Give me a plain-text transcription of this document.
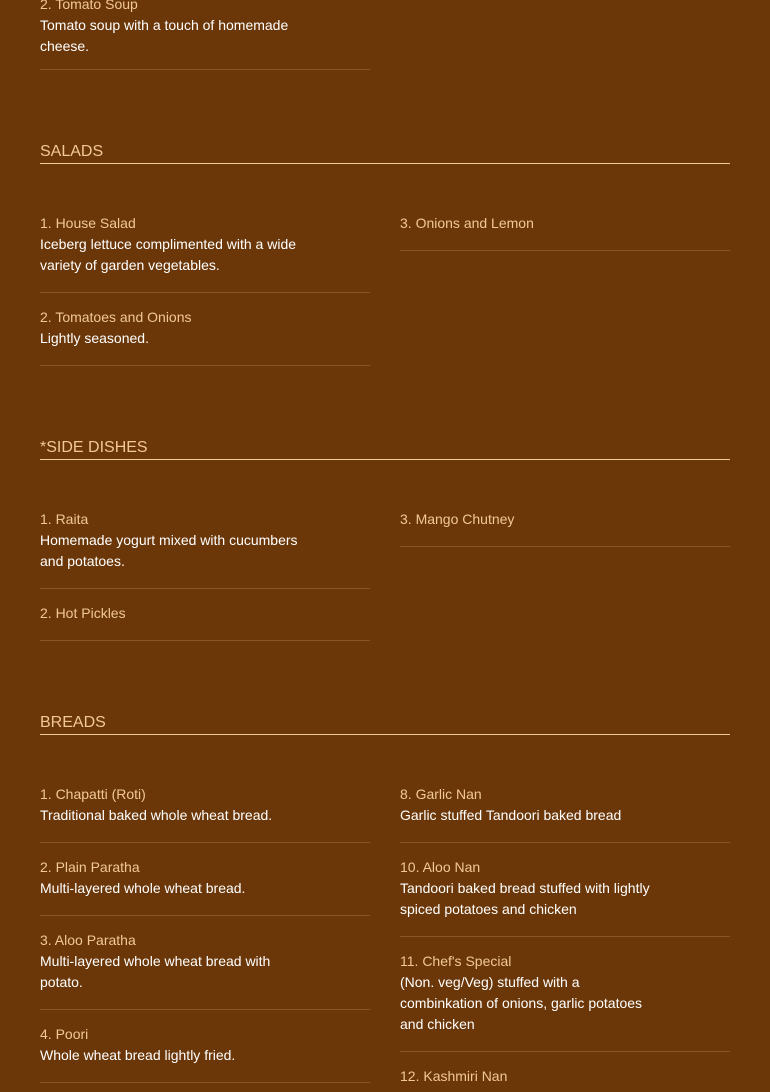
2. Tomato Soup
Tomato soup with a touch of homemade cheese.
SALADS
1. House Salad
Iceberg lettuce complimented with a wide variety of garden vegetables.
2. Tomatoes and Onions
Lightly seasoned.
3. Onions and Lemon
*SIDE DISHES
1. Raita
Homemade yogurt mixed with cucumbers and potatoes.
2. Hot Pickles
3. Mango Chutney
BREADS
1. Chapatti (Roti)
Traditional baked whole wheat bread.
2. Plain Paratha
Multi-layered whole wheat bread.
3. Aloo Paratha
Multi-layered whole wheat bread with potato.
4. Poori
Whole wheat bread lightly fried.
8. Garlic Nan
Garlic stuffed Tandoori baked bread
10. Aloo Nan
Tandoori baked bread stuffed with lightly spiced potatoes and chicken
11. Chef's Special
(Non. veg/Veg) stuffed with a combinkation of onions, garlic potatoes and chicken
12. Kashmiri Nan
